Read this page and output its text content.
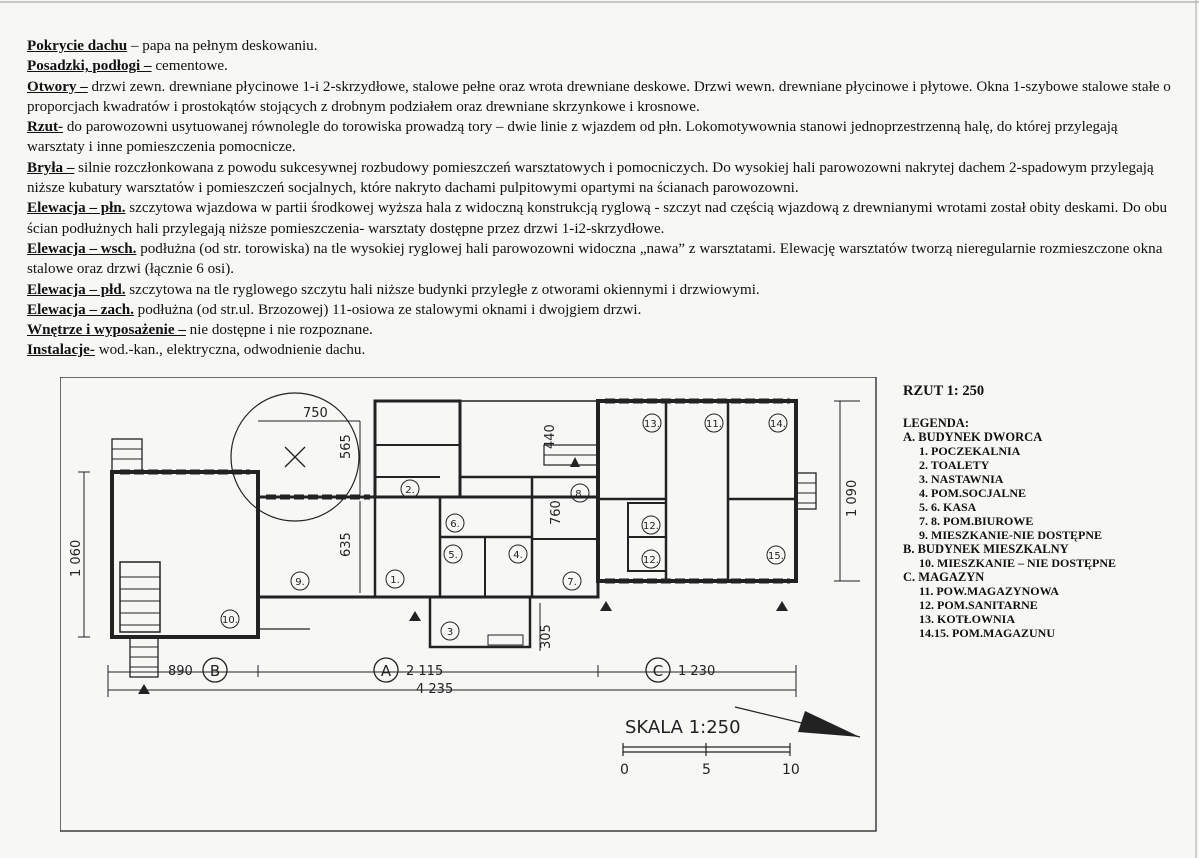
Pokrycie dachu – papa na pełnym deskowaniu.
Posadzki, podłogi – cementowe.
Otwory – drzwi zewn. drewniane płycinowe 1-i 2-skrzydłowe, stalowe pełne oraz wrota drewniane deskowe. Drzwi wewn. drewniane płycinowe i płytowe. Okna 1-szybowe stalowe stałe o proporcjach kwadratów i prostokątów stojących z drobnym podziałem oraz drewniane skrzynkowe i krosnowe.
Rzut- do parowozowni usytuowanej równolegle do torowiska prowadzą tory – dwie linie z wjazdem od płn. Lokomotywownia stanowi jednoprzestrzenną halę, do której przylegają warsztaty i inne pomieszczenia pomocnicze.
Bryła – silnie rozczłonkowana z powodu sukcesywnej rozbudowy pomieszczeń warsztatowych i pomocniczych. Do wysokiej hali parowozowni nakrytej dachem 2-spadowym przylegają niższe kubatury warsztatów i pomieszczeń socjalnych, które nakryto dachami pulpitowymi opartymi na ścianach parowozowni.
Elewacja – płn. szczytowa wjazdowa w partii środkowej wyższa hala z widoczną konstrukcją ryglową - szczyt nad częścią wjazdową z drewnianymi wrotami został obity deskami. Do obu ścian podłużnych hali przylegają niższe pomieszczenia- warsztaty dostępne przez drzwi 1-i2-skrzydłowe.
Elewacja – wsch. podłużna (od str. torowiska) na tle wysokiej ryglowej hali parowozowni widoczna „nawa” z warsztatami. Elewację warsztatów tworzą nieregularnie rozmieszczone okna stalowe oraz drzwi (łącznie 6 osi).
Elewacja – płd. szczytowa na tle ryglowego szczytu hali niższe budynki przyległe z otworami okiennymi i drzwiowymi.
Elewacja – zach. podłużna (od str.ul. Brzozowej) 11-osiowa ze stalowymi oknami i dwojgiem drzwi.
Wnętrze i wyposażenie – nie dostępne i nie rozpoznane.
Instalacje- wod.-kan., elektryczna, odwodnienie dachu.
750
565
635
440
760
1 060
1 090
305
890	2 115	1 230
4 235
B	A	C
1.
2.
3
4.
5.
6.
7.
8.
9.
10.
11.
12.
12.
13.	14.
15.
SKALA 1:250
0	5	10
RZUT 1: 250
LEGENDA:
A. BUDYNEK DWORCA
1. POCZEKALNIA
2. TOALETY
3. NASTAWNIA
4. POM.SOCJALNE
5. 6. KASA
7. 8. POM.BIUROWE
9. MIESZKANIE-NIE DOSTĘPNE
B. BUDYNEK MIESZKALNY
10. MIESZKANIE – NIE DOSTĘPNE
C. MAGAZYN
11. POW.MAGAZYNOWA
12. POM.SANITARNE
13. KOTŁOWNIA
14.15. POM.MAGAZUNU
